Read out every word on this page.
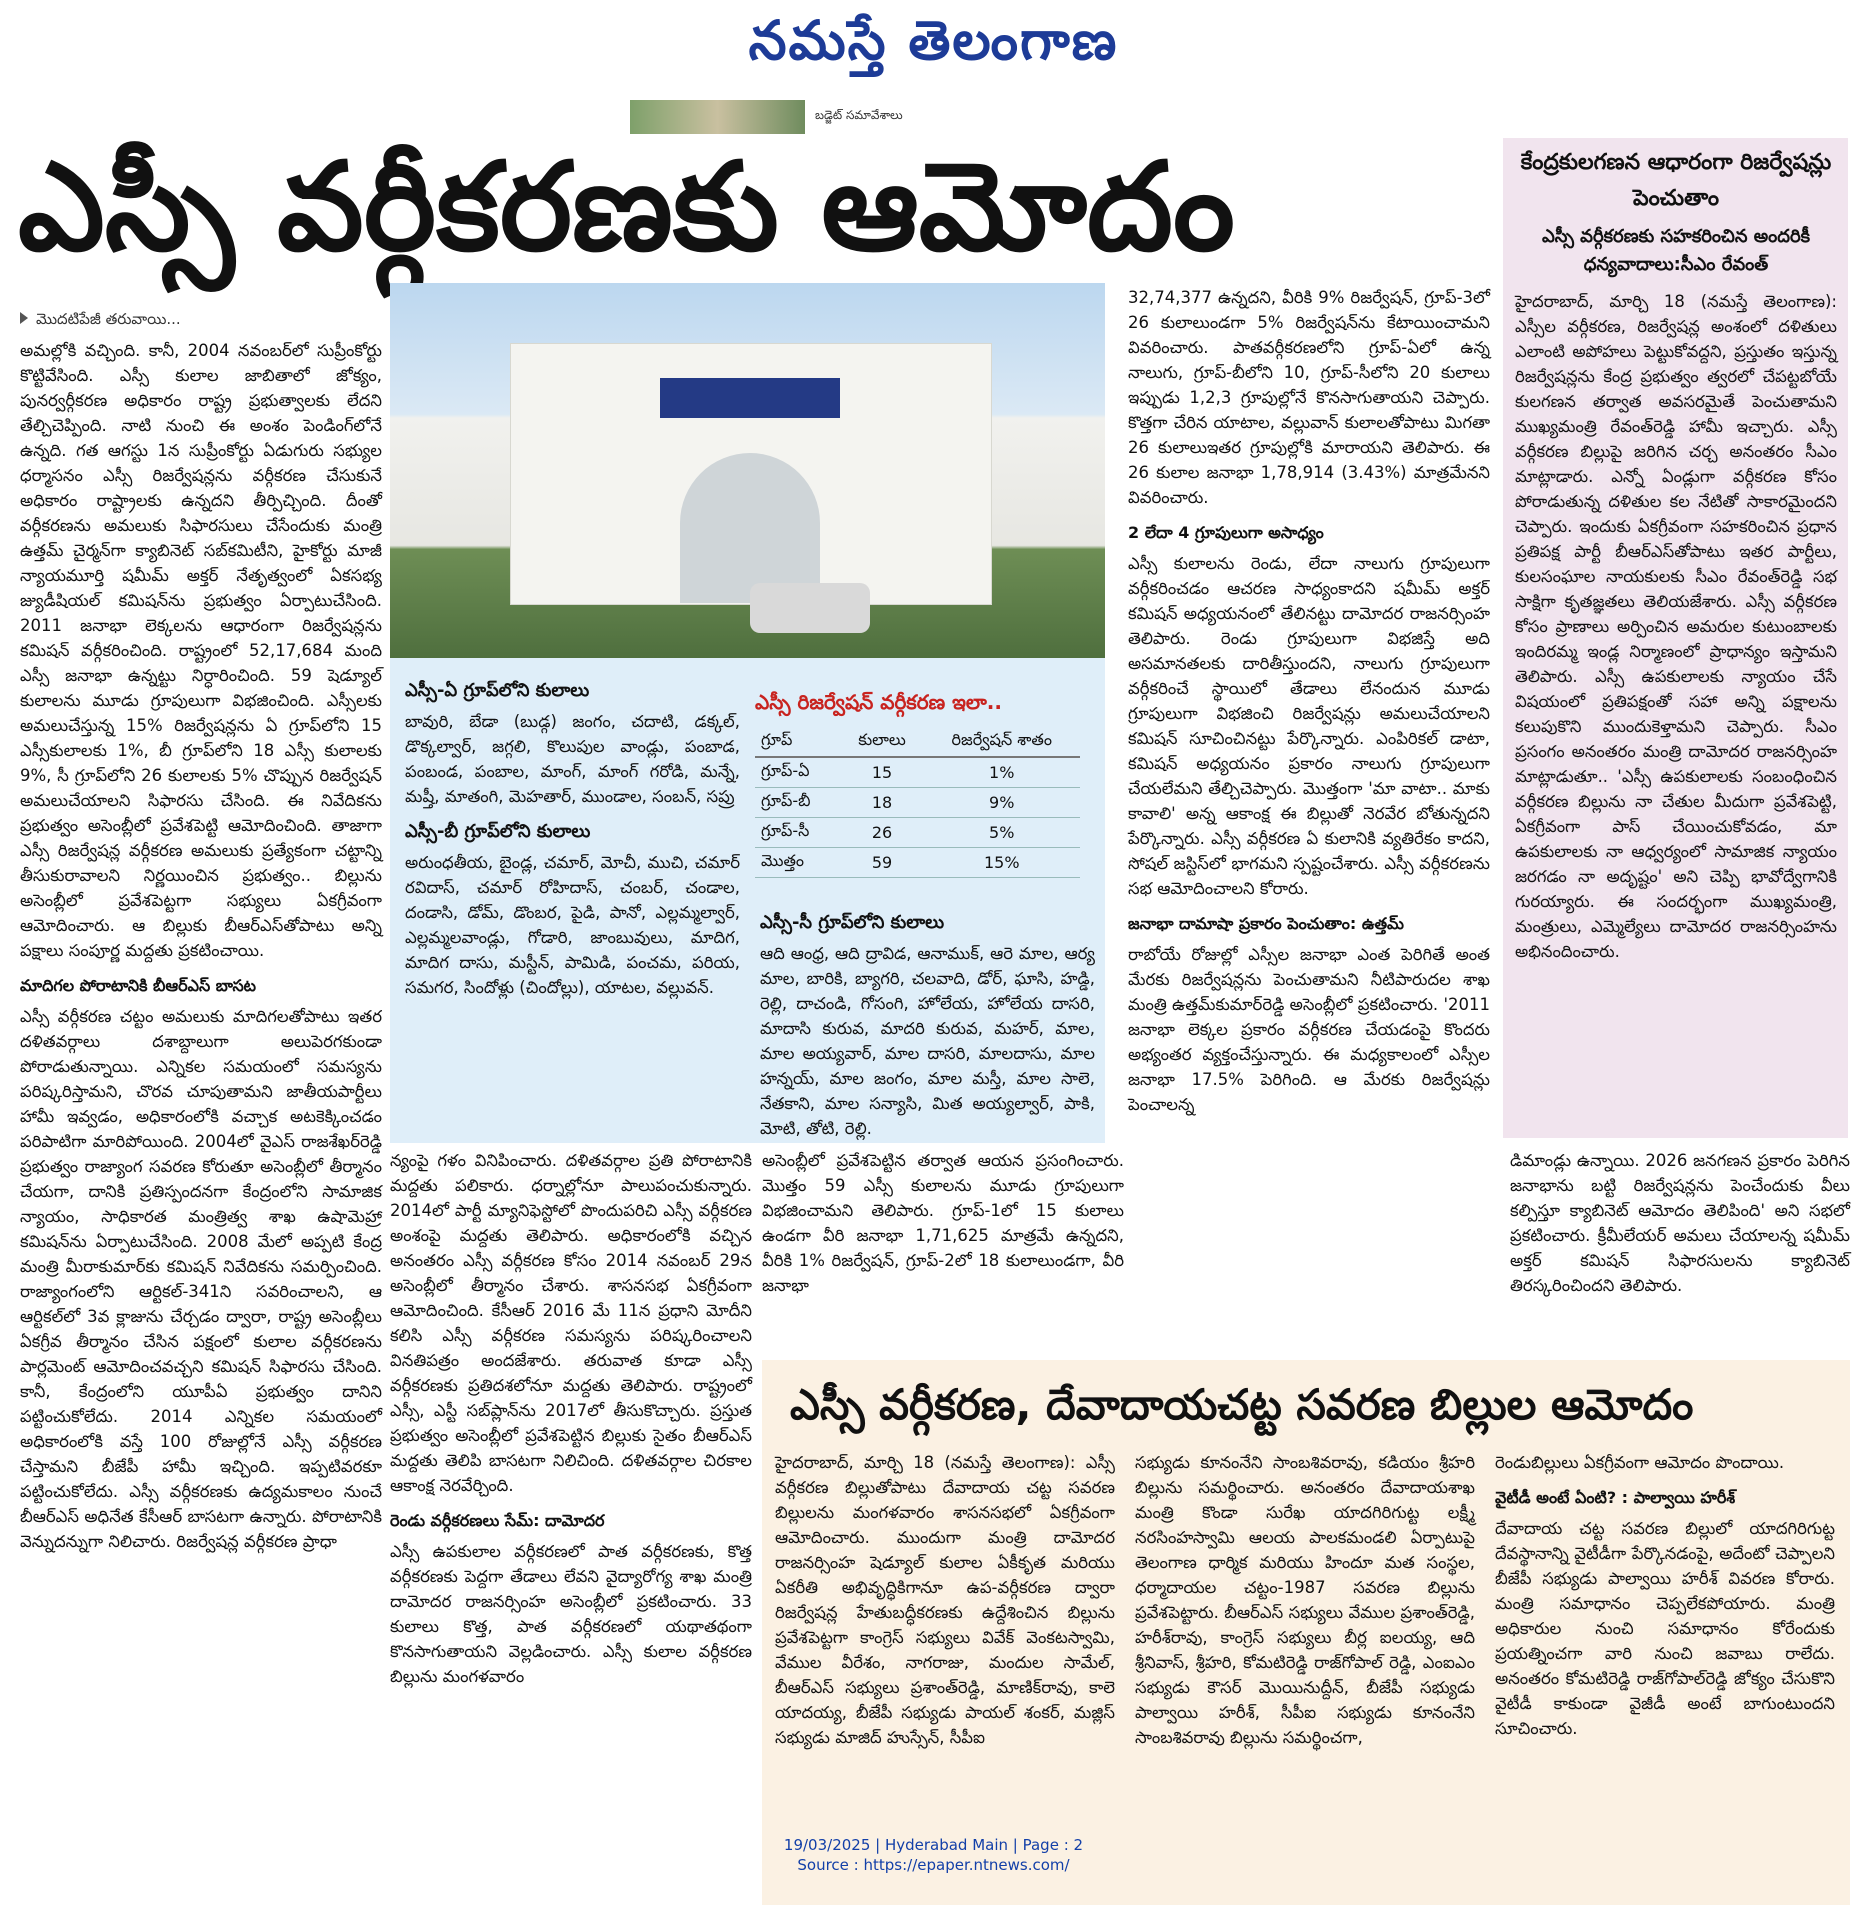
నమస్తే తెలంగాణ
బడ్జెట్ సమావేశాలు
ఎస్సీ వర్గీకరణకు ఆమోదం
మొదటిపేజీ తరువాయి...

అమల్లోకి వచ్చింది. కానీ, 2004 నవంబర్‌లో సుప్రీంకోర్టు కొట్టివేసింది. ఎస్సీ కులాల జాబితాలో జోక్యం, పునర్వర్గీకరణ అధికారం రాష్ట్ర ప్రభుత్వాలకు లేదని తేల్చిచెప్పింది. నాటి నుంచి ఈ అంశం పెండింగ్‌లోనే ఉన్నది. గత ఆగస్టు 1న సుప్రీంకోర్టు ఏడుగురు సభ్యుల ధర్మాసనం ఎస్సీ రిజర్వేషన్లను వర్గీకరణ చేసుకునే అధికారం రాష్ట్రాలకు ఉన్నదని తీర్పిచ్చింది. దీంతో వర్గీకరణను అమలుకు సిఫారసులు చేసేందుకు మంత్రి ఉత్తమ్ చైర్మన్‌గా క్యాబినెట్ సబ్‌కమిటీని, హైకోర్టు మాజీ న్యాయమూర్తి షమీమ్ అక్తర్ నేతృత్వంలో ఏకసభ్య జ్యుడీషియల్ కమిషన్‌ను ప్రభుత్వం ఏర్పాటుచేసింది. 2011 జనాభా లెక్కలను ఆధారంగా రిజర్వేషన్లను కమిషన్ వర్గీకరించింది. రాష్ట్రంలో 52,17,684 మంది ఎస్సీ జనాభా ఉన్నట్టు నిర్ధారించింది. 59 షెడ్యూల్ కులాలను మూడు గ్రూపులుగా విభజించింది. ఎస్సీలకు అమలుచేస్తున్న 15% రిజర్వేషన్లను ఏ గ్రూప్‌లోని 15 ఎస్సీకులాలకు 1%, బీ గ్రూప్‌లోని 18 ఎస్సీ కులాలకు 9%, సీ గ్రూప్‌లోని 26 కులాలకు 5% చొప్పున రిజర్వేషన్ అమలుచేయాలని సిఫారసు చేసింది. ఈ నివేదికను ప్రభుత్వం అసెంబ్లీలో ప్రవేశపెట్టి ఆమోదించింది. తాజాగా ఎస్సీ రిజర్వేషన్ల వర్గీకరణ అమలుకు ప్రత్యేకంగా చట్టాన్ని తీసుకురావాలని నిర్ణయించిన ప్రభుత్వం.. బిల్లును అసెంబ్లీలో ప్రవేశపెట్టగా సభ్యులు ఏకగ్రీవంగా ఆమోదించారు. ఆ బిల్లుకు బీఆర్‌ఎస్‌తోపాటు అన్ని పక్షాలు సంపూర్ణ మద్దతు ప్రకటించాయి.

మాదిగల పోరాటానికి బీఆర్‌ఎస్ బాసట

ఎస్సీ వర్గీకరణ చట్టం అమలుకు మాదిగలతోపాటు ఇతర దళితవర్గాలు దశాబ్దాలుగా అలుపెరగకుండా పోరాడుతున్నాయి. ఎన్నికల సమయంలో సమస్యను పరిష్కరిస్తామని, చొరవ చూపుతామని జాతీయపార్టీలు హామీ ఇవ్వడం, అధికారంలోకి వచ్చాక అటకెక్కించడం పరిపాటిగా మారిపోయింది. 2004లో వైఎస్ రాజశేఖర్‌రెడ్డి ప్రభుత్వం రాజ్యాంగ సవరణ కోరుతూ అసెంబ్లీలో తీర్మానం చేయగా, దానికి ప్రతిస్పందనగా కేంద్రంలోని సామాజిక న్యాయం, సాధికారత మంత్రిత్వ శాఖ ఉషామెహ్రా కమిషన్‌ను ఏర్పాటుచేసింది. 2008 మేలో అప్పటి కేంద్ర మంత్రి మీరాకుమార్‌కు కమిషన్ నివేదికను సమర్పించింది. రాజ్యాంగంలోని ఆర్టికల్-341ని సవరించాలని, ఆ ఆర్టికల్‌లో 3వ క్లాజును చేర్చడం ద్వారా, రాష్ట్ర అసెంబ్లీలు ఏకగ్రీవ తీర్మానం చేసిన పక్షంలో కులాల వర్గీకరణను పార్లమెంట్ ఆమోదించవచ్చని కమిషన్ సిఫారసు చేసింది. కానీ, కేంద్రంలోని యూపీఏ ప్రభుత్వం దానిని పట్టించుకోలేదు. 2014 ఎన్నికల సమయంలో అధికారంలోకి వస్తే 100 రోజుల్లోనే ఎస్సీ వర్గీకరణ చేస్తామని బీజేపీ హామీ ఇచ్చింది. ఇప్పటివరకూ పట్టించుకోలేదు. ఎస్సీ వర్గీకరణకు ఉద్యమకాలం నుంచే బీఆర్‌ఎస్ అధినేత కేసీఆర్ బాసటగా ఉన్నారు. పోరాటానికి వెన్నుదన్నుగా నిలిచారు. రిజర్వేషన్ల వర్గీకరణ ప్రాధా

ఎస్సీ-ఏ గ్రూప్‌లోని కులాలు

బావురి, బేడా (బుడ్గ) జంగం, చదాటి, డక్కల్, డొక్కల్వార్, జగ్గలి, కొలుపుల వాండ్లు, పంబాడ, పంబండ, పంబాల, మాంగ్, మాంగ్ గరోడి, మన్నే, మష్తీ, మాతంగి, మెహతార్, ముండాల, సంబన్, సప్రు

ఎస్సీ-బీ గ్రూప్‌లోని కులాలు

అరుంధతీయ, బైండ్ల, చమార్, మోచీ, ముచి, చమార్ రవిదాస్, చమార్ రోహిదాస్, చంబర్, చండాల, దండాసి, డోమ్, డొంబర, పైడి, పానో, ఎల్లమ్మల్వార్, ఎల్లమ్మలవాండ్లు, గోడారి, జాంబువులు, మాదిగ, మాదిగ దాసు, మస్టీన్, పామిడి, పంచమ, పరియ, సమగర, సిందోళ్లు (చిందోల్లు), యాటల, వల్లువన్.

ఎస్సీ రిజర్వేషన్ వర్గీకరణ ఇలా..
గ్రూప్	కులాలు	రిజర్వేషన్ శాతం
గ్రూప్-ఏ	15	1%
గ్రూప్-బీ	18	9%
గ్రూప్-సీ	26	5%
మొత్తం	59	15%
ఎస్సీ-సీ గ్రూప్‌లోని కులాలు

ఆది ఆంధ్ర, ఆది ద్రావిడ, ఆనాముక్, ఆరె మాల, ఆర్య మాల, బారికి, బ్యాగరి, చలవాది, డోర్, ఘాసి, హడ్డి, రెల్లి, దాచండి, గోసంగి, హోలేయ, హోలేయ దాసరి, మాదాసి కురువ, మాదరి కురువ, మహర్, మాల, మాల అయ్యవార్, మాల దాసరి, మాలదాసు, మాల హన్నయ్, మాల జంగం, మాల మస్తీ, మాల సాలె, నేతకాని, మాల సన్యాసి, మిత అయ్యల్వార్, పాకి, మోటి, తోటి, రెల్లి.

32,74,377 ఉన్నదని, వీరికి 9% రిజర్వేషన్, గ్రూప్-3లో 26 కులాలుండగా 5% రిజర్వేషన్‌ను కేటాయించామని వివరించారు. పాతవర్గీకరణలోని గ్రూప్-ఏలో ఉన్న నాలుగు, గ్రూప్-బీలోని 10, గ్రూప్-సీలోని 20 కులాలు ఇప్పుడు 1,2,3 గ్రూపుల్లోనే కొనసాగుతాయని చెప్పారు. కొత్తగా చేరిన యాటాల, వల్లువాన్ కులాలతోపాటు మిగతా 26 కులాలుఇతర గ్రూపుల్లోకి మారాయని తెలిపారు. ఈ 26 కులాల జనాభా 1,78,914 (3.43%) మాత్రమేనని వివరించారు.

2 లేదా 4 గ్రూపులుగా అసాధ్యం

ఎస్సీ కులాలను రెండు, లేదా నాలుగు గ్రూపులుగా వర్గీకరించడం ఆచరణ సాధ్యంకాదని షమీమ్ అక్తర్ కమిషన్ అధ్యయనంలో తేలినట్టు దామోదర రాజనర్సింహ తెలిపారు. రెండు గ్రూపులుగా విభజిస్తే అది అసమానతలకు దారితీస్తుందని, నాలుగు గ్రూపులుగా వర్గీకరించే స్థాయిలో తేడాలు లేనందున మూడు గ్రూపులుగా విభజించి రిజర్వేషన్లు అమలుచేయాలని కమిషన్ సూచించినట్టు పేర్కొన్నారు. ఎంపిరికల్ డాటా, కమిషన్ అధ్యయనం ప్రకారం నాలుగు గ్రూపులుగా చేయలేమని తేల్చిచెప్పారు. మొత్తంగా 'మా వాటా.. మాకు కావాలి' అన్న ఆకాంక్ష ఈ బిల్లుతో నెరవేర బోతున్నదని పేర్కొన్నారు. ఎస్సీ వర్గీకరణ ఏ కులానికి వ్యతిరేకం కాదని, సోషల్ జస్టిస్‌లో భాగమని స్పష్టంచేశారు. ఎస్సీ వర్గీకరణను సభ ఆమోదించాలని కోరారు.

జనాభా దామాషా ప్రకారం పెంచుతాం: ఉత్తమ్

రాబోయే రోజుల్లో ఎస్సీల జనాభా ఎంత పెరిగితే అంత మేరకు రిజర్వేషన్లను పెంచుతామని నీటిపారుదల శాఖ మంత్రి ఉత్తమ్‌కుమార్‌రెడ్డి అసెంబ్లీలో ప్రకటించారు. '2011 జనాభా లెక్కల ప్రకారం వర్గీకరణ చేయడంపై కొందరు అభ్యంతర వ్యక్తంచేస్తున్నారు. ఈ మధ్యకాలంలో ఎస్సీల జనాభా 17.5% పెరిగింది. ఆ మేరకు రిజర్వేషన్లు పెంచాలన్న

కేంద్రకులగణన ఆధారంగా రిజర్వేషన్లు పెంచుతాం
ఎస్సీ వర్గీకరణకు సహకరించిన అందరికీ ధన్యవాదాలు:సీఎం రేవంత్

హైదరాబాద్, మార్చి 18 (నమస్తే తెలంగాణ): ఎస్సీల వర్గీకరణ, రిజర్వేషన్ల అంశంలో దళితులు ఎలాంటి అపోహలు పెట్టుకోవద్దని, ప్రస్తుతం ఇస్తున్న రిజర్వేషన్లను కేంద్ర ప్రభుత్వం త్వరలో చేపట్టబోయే కులగణన తర్వాత అవసరమైతే పెంచుతామని ముఖ్యమంత్రి రేవంత్‌రెడ్డి హామీ ఇచ్చారు. ఎస్సీ వర్గీకరణ బిల్లుపై జరిగిన చర్చ అనంతరం సీఎం మాట్లాడారు. ఎన్నో ఏండ్లుగా వర్గీకరణ కోసం పోరాడుతున్న దళితుల కల నేటితో సాకారమైందని చెప్పారు. ఇందుకు ఏకగ్రీవంగా సహకరించిన ప్రధాన ప్రతిపక్ష పార్టీ బీఆర్‌ఎస్‌తోపాటు ఇతర పార్టీలు, కులసంఘాల నాయకులకు సీఎం రేవంత్‌రెడ్డి సభ సాక్షిగా కృతజ్ఞతలు తెలియజేశారు. ఎస్సీ వర్గీకరణ కోసం ప్రాణాలు అర్పించిన అమరుల కుటుంబాలకు ఇందిరమ్మ ఇండ్ల నిర్మాణంలో ప్రాధాన్యం ఇస్తామని తెలిపారు. ఎస్సీ ఉపకులాలకు న్యాయం చేసే విషయంలో ప్రతిపక్షంతో సహా అన్ని పక్షాలను కలుపుకొని ముందుకెళ్తామని చెప్పారు. సీఎం ప్రసంగం అనంతరం మంత్రి దామోదర రాజనర్సింహ మాట్లాడుతూ.. 'ఎస్సీ ఉపకులాలకు సంబంధించిన వర్గీకరణ బిల్లును నా చేతుల మీదుగా ప్రవేశపెట్టి, ఏకగ్రీవంగా పాస్ చేయించుకోవడం, మా ఉపకులాలకు నా ఆధ్వర్యంలో సామాజిక న్యాయం జరగడం నా అదృష్టం' అని చెప్పి భావోద్వేగానికి గురయ్యారు. ఈ సందర్భంగా ముఖ్యమంత్రి, మంత్రులు, ఎమ్మెల్యేలు దామోదర రాజనర్సింహను అభినందించారు.

న్యంపై గళం వినిపించారు. దళితవర్గాల ప్రతి పోరాటానికి మద్దతు పలికారు. ధర్నాల్లోనూ పాలుపంచుకున్నారు. 2014లో పార్టీ మ్యానిఫెస్టోలో పొందుపరిచి ఎస్సీ వర్గీకరణ అంశంపై మద్దతు తెలిపారు. అధికారంలోకి వచ్చిన అనంతరం ఎస్సీ వర్గీకరణ కోసం 2014 నవంబర్ 29న అసెంబ్లీలో తీర్మానం చేశారు. శాసనసభ ఏకగ్రీవంగా ఆమోదించింది. కేసీఆర్ 2016 మే 11న ప్రధాని మోదీని కలిసి ఎస్సీ వర్గీకరణ సమస్యను పరిష్కరించాలని వినతిపత్రం అందజేశారు. తరువాత కూడా ఎస్సీ వర్గీకరణకు ప్రతిదశలోనూ మద్దతు తెలిపారు. రాష్ట్రంలో ఎస్సీ, ఎస్టీ సబ్‌ప్లాన్‌ను 2017లో తీసుకొచ్చారు. ప్రస్తుత ప్రభుత్వం అసెంబ్లీలో ప్రవేశపెట్టిన బిల్లుకు సైతం బీఆర్‌ఎస్ మద్దతు తెలిపి బాసటగా నిలిచింది. దళితవర్గాల చిరకాల ఆకాంక్ష నెరవేర్చింది.

రెండు వర్గీకరణలు సేమ్: దామోదర

ఎస్సీ ఉపకులాల వర్గీకరణలో పాత వర్గీకరణకు, కొత్త వర్గీకరణకు పెద్దగా తేడాలు లేవని వైద్యారోగ్య శాఖ మంత్రి దామోదర రాజనర్సింహ అసెంబ్లీలో ప్రకటించారు. 33 కులాలు కొత్త, పాత వర్గీకరణలో యథాతథంగా కొనసాగుతాయని వెల్లడించారు. ఎస్సీ కులాల వర్గీకరణ బిల్లును మంగళవారం

అసెంబ్లీలో ప్రవేశపెట్టిన తర్వాత ఆయన ప్రసంగించారు. మొత్తం 59 ఎస్సీ కులాలను మూడు గ్రూపులుగా విభజించామని తెలిపారు. గ్రూప్-1లో 15 కులాలు ఉండగా వీరి జనాభా 1,71,625 మాత్రమే ఉన్నదని, వీరికి 1% రిజర్వేషన్, గ్రూప్-2లో 18 కులాలుండగా, వీరి జనాభా

డిమాండ్లు ఉన్నాయి. 2026 జనగణన ప్రకారం పెరిగిన జనాభాను బట్టి రిజర్వేషన్లను పెంచేందుకు వీలు కల్పిస్తూ క్యాబినెట్ ఆమోదం తెలిపింది' అని సభలో ప్రకటించారు. క్రీమీలేయర్ అమలు చేయాలన్న షమీమ్ అక్తర్ కమిషన్ సిఫారసులను క్యాబినెట్ తిరస్కరించిందని తెలిపారు.

ఎస్సీ వర్గీకరణ, దేవాదాయచట్ట సవరణ బిల్లుల ఆమోదం

హైదరాబాద్, మార్చి 18 (నమస్తే తెలంగాణ): ఎస్సీ వర్గీకరణ బిల్లుతోపాటు దేవాదాయ చట్ట సవరణ బిల్లులను మంగళవారం శాసనసభలో ఏకగ్రీవంగా ఆమోదించారు. ముందుగా మంత్రి దామోదర రాజనర్సింహ షెడ్యూల్ కులాల ఏకీకృత మరియు ఏకరీతి అభివృద్ధికిగానూ ఉప-వర్గీకరణ ద్వారా రిజర్వేషన్ల హేతుబద్ధీకరణకు ఉద్దేశించిన బిల్లును ప్రవేశపెట్టగా కాంగ్రెస్ సభ్యులు వివేక్ వెంకటస్వామి, వేముల వీరేశం, నాగరాజు, మందుల సామేల్, బీఆర్‌ఎస్ సభ్యులు ప్రశాంత్‌రెడ్డి, మాణిక్‌రావు, కాలె యాదయ్య, బీజేపీ సభ్యుడు పాయల్ శంకర్, మజ్లిస్ సభ్యుడు మాజిద్ హుస్సేన్, సీపీఐ

సభ్యుడు కూనంనేని సాంబశివరావు, కడియం శ్రీహరి బిల్లును సమర్థించారు. అనంతరం దేవాదాయశాఖ మంత్రి కొండా సురేఖ యాదగిరిగుట్ట లక్ష్మీ నరసింహస్వామి ఆలయ పాలకమండలి ఏర్పాటుపై తెలంగాణ ధార్మిక మరియు హిందూ మత సంస్థల, ధర్మాదాయల చట్టం-1987 సవరణ బిల్లును ప్రవేశపెట్టారు. బీఆర్‌ఎస్ సభ్యులు వేముల ప్రశాంత్‌రెడ్డి, హరీశ్‌రావు, కాంగ్రెస్ సభ్యులు బీర్ల ఐలయ్య, ఆది శ్రీనివాస్, శ్రీహరి, కోమటిరెడ్డి రాజ్‌గోపాల్ రెడ్డి, ఎంఐఎం సభ్యుడు కౌసర్ మొయినుద్దీన్, బీజేపీ సభ్యుడు పాల్వాయి హరీశ్, సీపీఐ సభ్యుడు కూనంనేని సాంబశివరావు బిల్లును సమర్థించగా,

రెండుబిల్లులు ఏకగ్రీవంగా ఆమోదం పొందాయి.

వైటీడీ అంటే ఏంటి? : పాల్వాయి హరీశ్

దేవాదాయ చట్ట సవరణ బిల్లులో యాదగిరిగుట్ట దేవస్థానాన్ని వైటీడీగా పేర్కొనడంపై, అదేంటో చెప్పాలని బీజేపీ సభ్యుడు పాల్వాయి హరీశ్ వివరణ కోరారు. మంత్రి సమాధానం చెప్పలేకపోయారు. మంత్రి అధికారుల నుంచి సమాధానం కోరేందుకు ప్రయత్నించగా వారి నుంచి జవాబు రాలేదు. అనంతరం కోమటిరెడ్డి రాజ్‌గోపాల్‌రెడ్డి జోక్యం చేసుకొని వైటీడీ కాకుండా వైజీడీ అంటే బాగుంటుందని సూచించారు.

19/03/2025 | Hyderabad Main | Page : 2
Source : https://epaper.ntnews.com/
